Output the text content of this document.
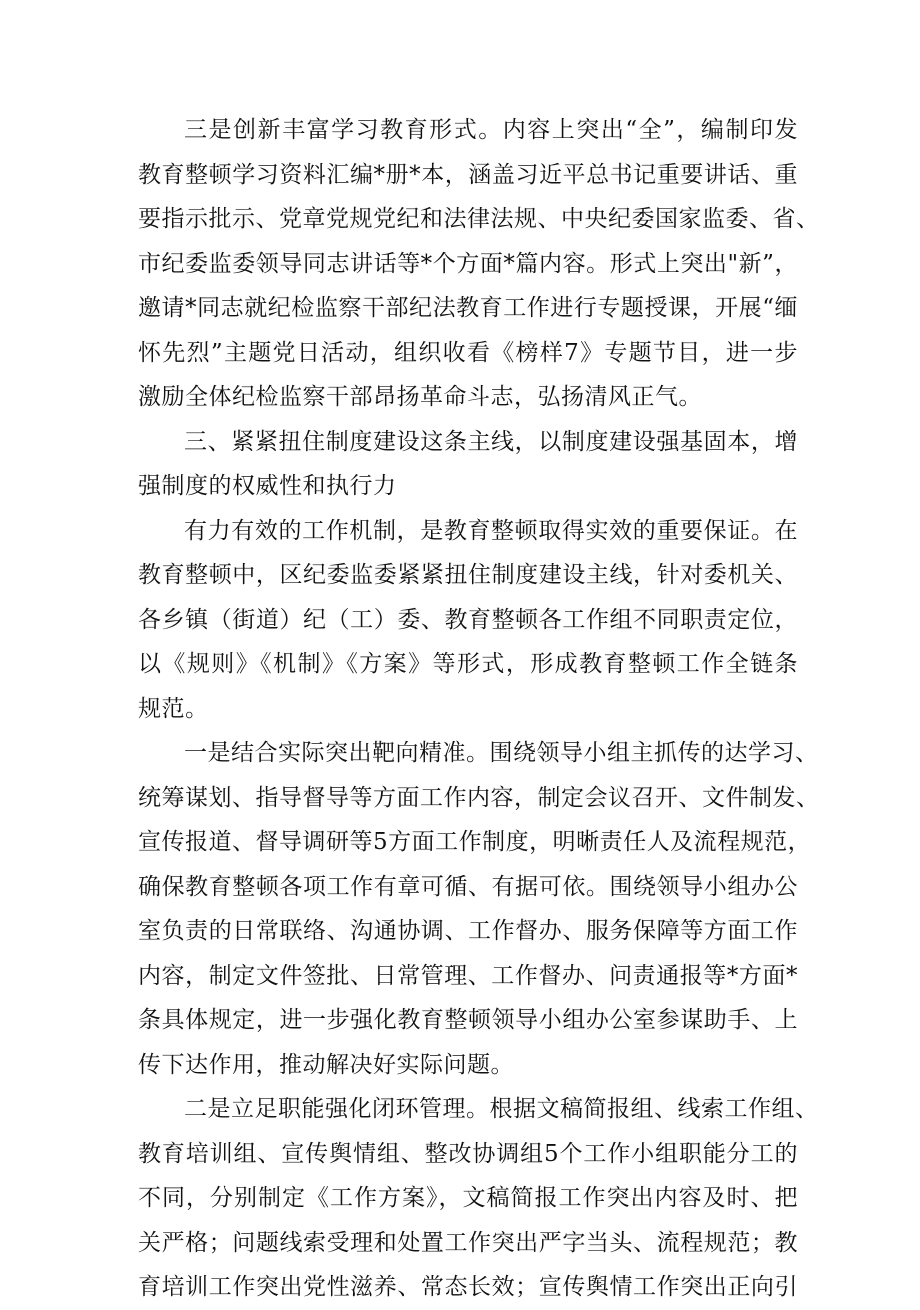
三是创新丰富学习教育形式。内容上突出“全”，编制印发
教育整顿学习资料汇编*册*本，涵盖习近平总书记重要讲话、重
要指示批示、党章党规党纪和法律法规、中央纪委国家监委、省、
市纪委监委领导同志讲话等*个方面*篇内容。形式上突出"新”，
邀请*同志就纪检监察干部纪法教育工作进行专题授课，开展“缅
怀先烈”主题党日活动，组织收看《榜样7》专题节目，进一步
激励全体纪检监察干部昂扬革命斗志，弘扬清风正气。
三、紧紧扭住制度建设这条主线，以制度建设强基固本，增
强制度的权威性和执行力
有力有效的工作机制，是教育整顿取得实效的重要保证。在
教育整顿中，区纪委监委紧紧扭住制度建设主线，针对委机关、
各乡镇（街道）纪（工）委、教育整顿各工作组不同职责定位，
以《规则》《机制》《方案》等形式，形成教育整顿工作全链条
规范。
一是结合实际突出靶向精准。围绕领导小组主抓传的达学习、
统筹谋划、指导督导等方面工作内容，制定会议召开、文件制发、
宣传报道、督导调研等5方面工作制度，明晰责任人及流程规范，
确保教育整顿各项工作有章可循、有据可依。围绕领导小组办公
室负责的日常联络、沟通协调、工作督办、服务保障等方面工作
内容，制定文件签批、日常管理、工作督办、问责通报等*方面*
条具体规定，进一步强化教育整顿领导小组办公室参谋助手、上
传下达作用，推动解决好实际问题。
二是立足职能强化闭环管理。根据文稿简报组、线索工作组、
教育培训组、宣传舆情组、整改协调组5个工作小组职能分工的
不同，分别制定《工作方案》，文稿简报工作突出内容及时、把
关严格；问题线索受理和处置工作突出严字当头、流程规范；教
育培训工作突出党性滋养、常态长效；宣传舆情工作突出正向引
